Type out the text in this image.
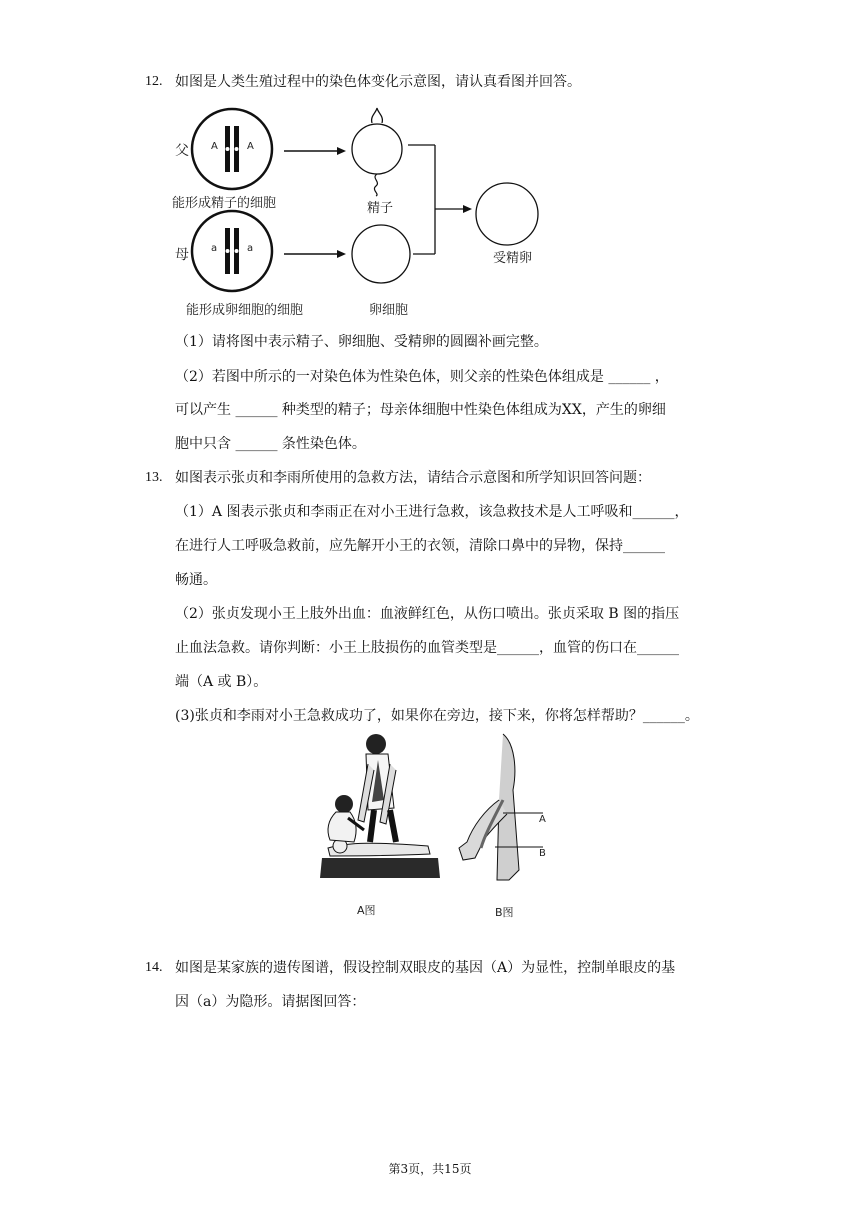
12. 如图是人类生殖过程中的染色体变化示意图，请认真看图并回答。
A	A
a	a
父
能形成精子的细胞	精子
母	受精卵
能形成卵细胞的细胞	卵细胞
（1）请将图中表示精子、卵细胞、受精卵的圆圈补画完整。
（2）若图中所示的一对染色体为性染色体，则父亲的性染色体组成是 ______ ，
可以产生 ______ 种类型的精子；母亲体细胞中性染色体组成为XX，产生的卵细
胞中只含 ______ 条性染色体。
13. 如图表示张贞和李雨所使用的急救方法，请结合示意图和所学知识回答问题：
（1）A 图表示张贞和李雨正在对小王进行急救，该急救技术是人工呼吸和______，
在进行人工呼吸急救前，应先解开小王的衣领，清除口鼻中的异物，保持______
畅通。
（2）张贞发现小王上肢外出血：血液鲜红色，从伤口喷出。张贞采取 B 图的指压
止血法急救。请你判断：小王上肢损伤的血管类型是______，血管的伤口在______
端（A 或 B）。
(3)张贞和李雨对小王急救成功了，如果你在旁边，接下来，你将怎样帮助？______。
A
B
A图	B图
14. 如图是某家族的遗传图谱，假设控制双眼皮的基因（A）为显性，控制单眼皮的基
因（a）为隐形。请据图回答：
第3页，共15页
